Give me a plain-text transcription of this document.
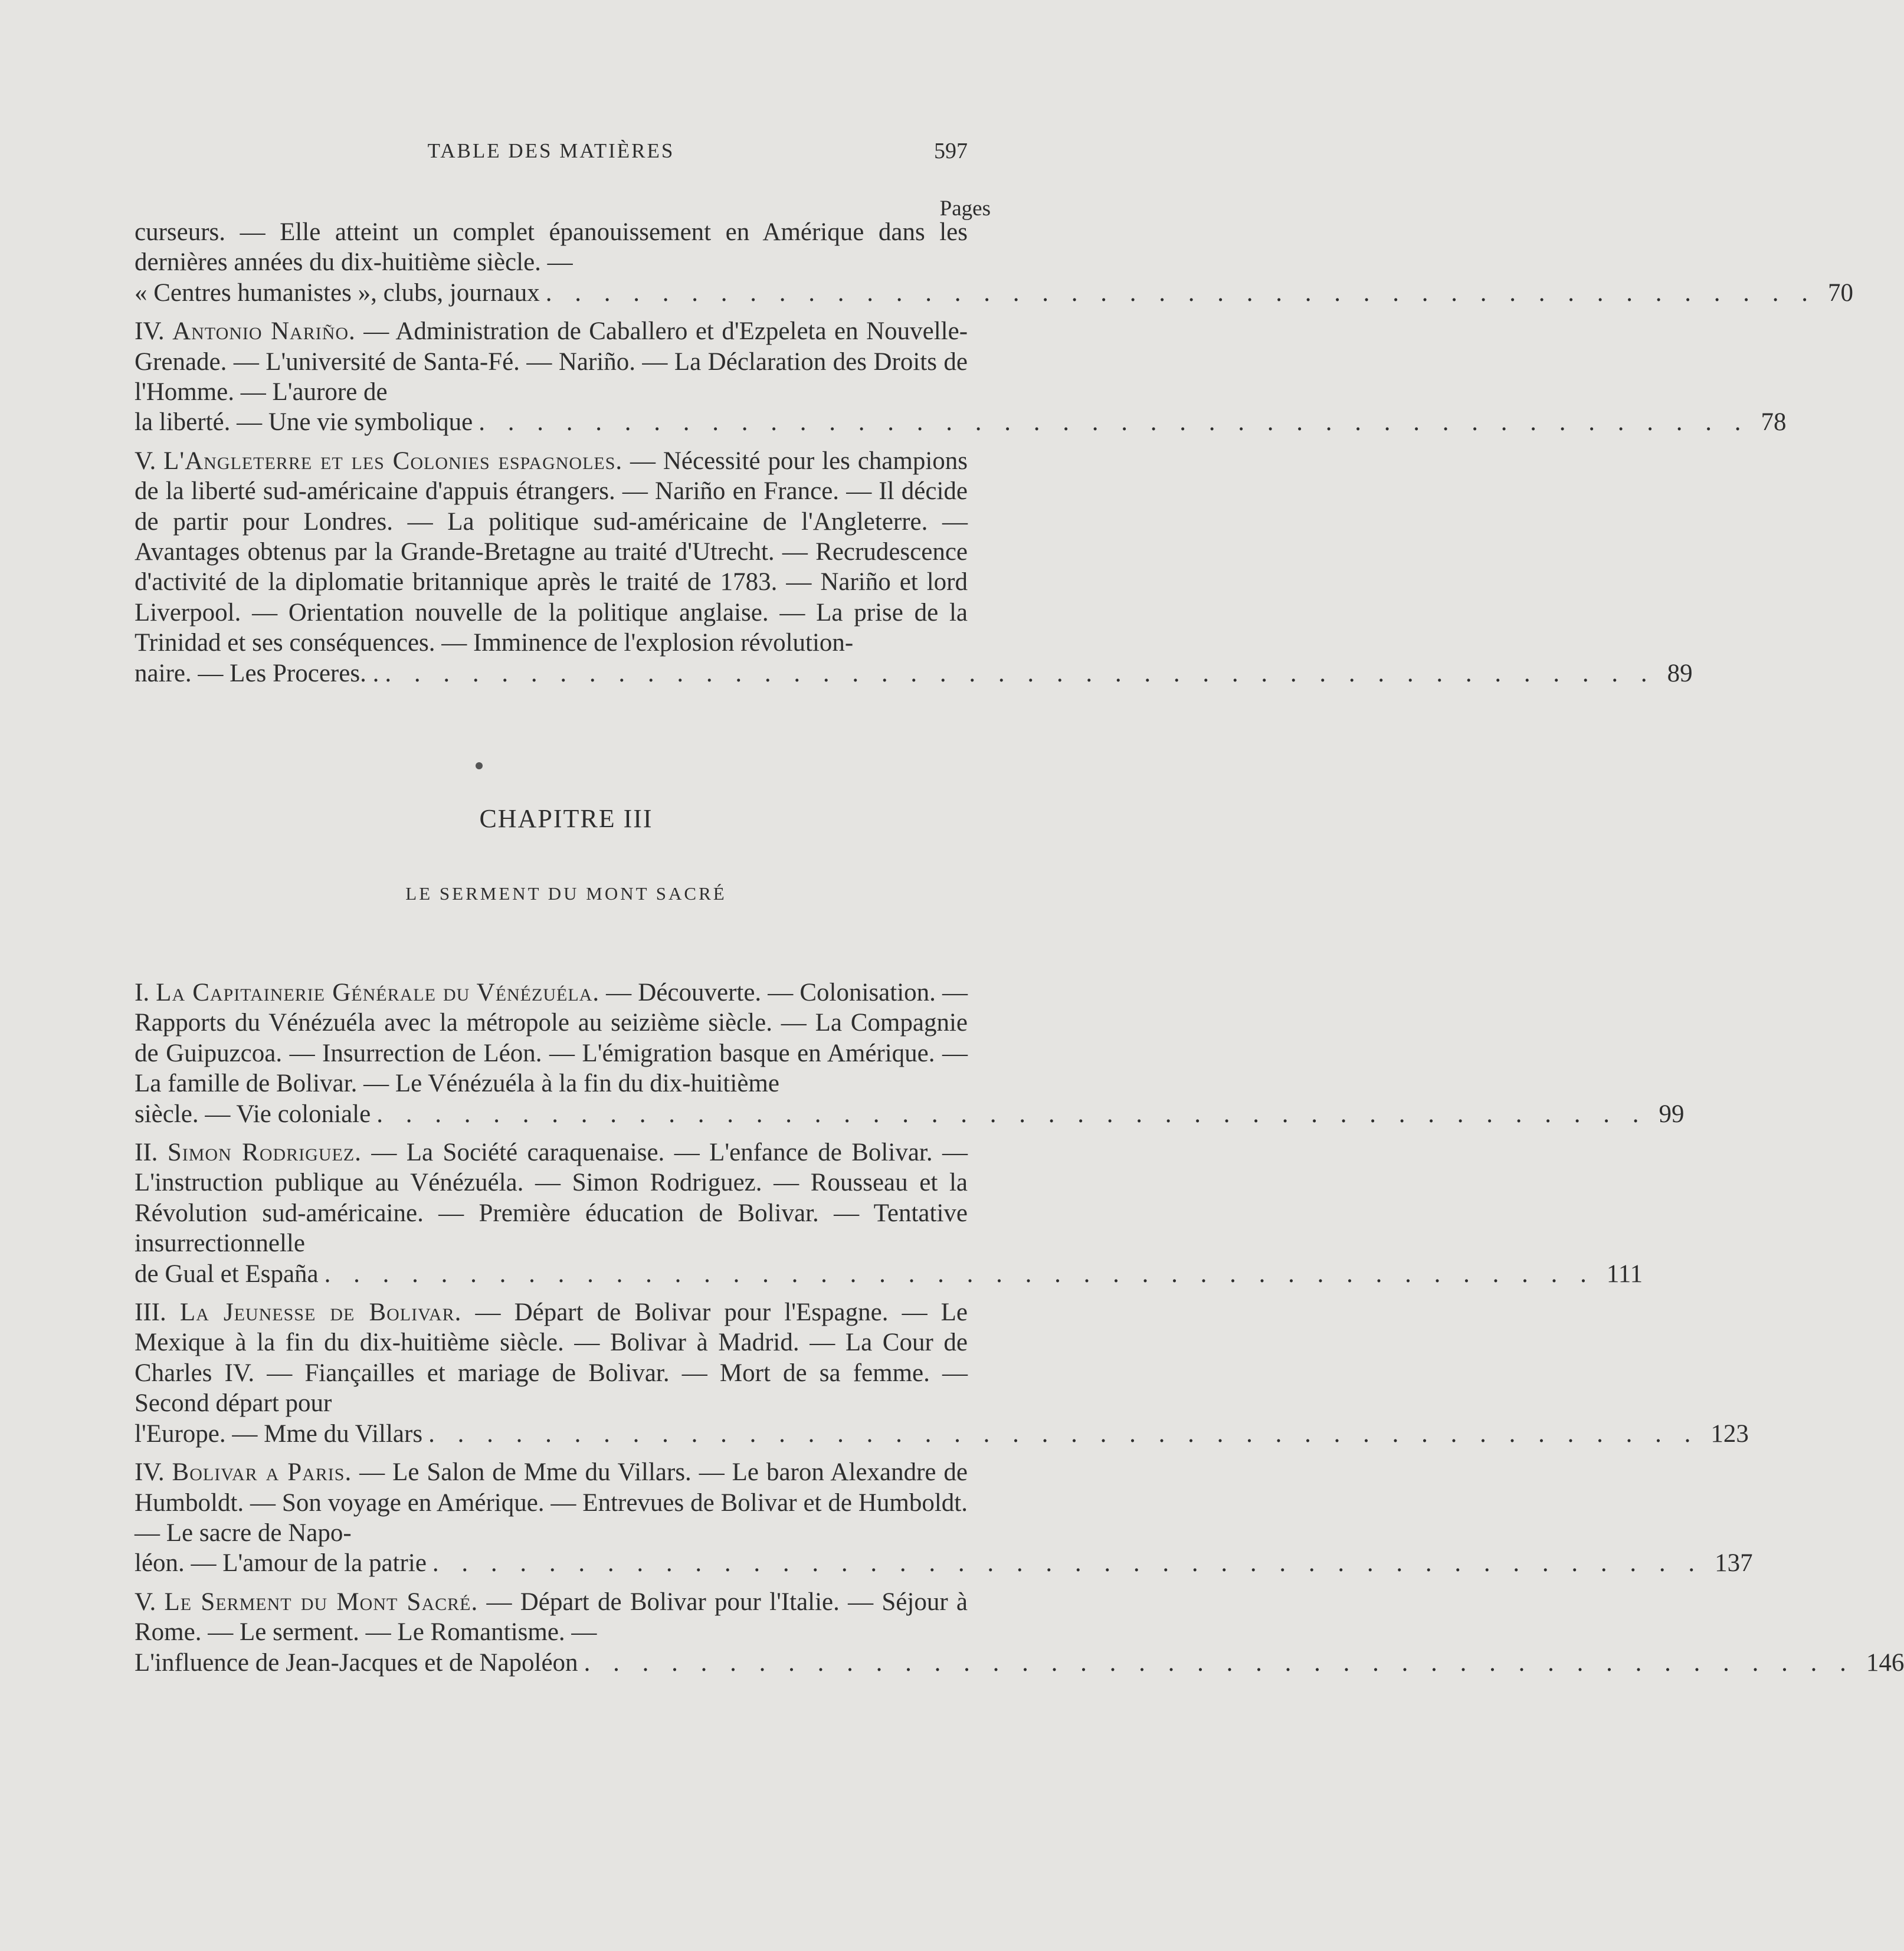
TABLE DES MATIÈRES	597
Pages
curseurs. — Elle atteint un complet épanouissement en Amérique dans les dernières années du dix-huitième siècle. —
« Centres humanistes », clubs, journaux . . . . . . . . . . . . . . . . . . . . . . . . . . . . . . . . . . . . . . . . . . . . 70
IV. Antonio Nariño. — Administration de Caballero et d'Ezpeleta en Nouvelle-Grenade. — L'université de Santa-Fé. — Nariño. — La Déclaration des Droits de l'Homme. — L'aurore de
la liberté. — Une vie symbolique . . . . . . . . . . . . . . . . . . . . . . . . . . . . . . . . . . . . . . . . . . . . 78
V. L'Angleterre et les Colonies espagnoles. — Nécessité pour les champions de la liberté sud-américaine d'appuis étrangers. — Nariño en France. — Il décide de partir pour Londres. — La politique sud-américaine de l'Angleterre. — Avantages obtenus par la Grande-Bretagne au traité d'Utrecht. — Recrudescence d'activité de la diplomatie britannique après le traité de 1783. — Nariño et lord Liverpool. — Orientation nouvelle de la politique anglaise. — La prise de la Trinidad et ses conséquences. — Imminence de l'explosion révolution-
naire. — Les Proceres. . . . . . . . . . . . . . . . . . . . . . . . . . . . . . . . . . . . . . . . . . . . . . 89
CHAPITRE III
LE SERMENT DU MONT SACRÉ
I. La Capitainerie Générale du Vénézuéla. — Découverte. — Colonisation. — Rapports du Vénézuéla avec la métropole au seizième siècle. — La Compagnie de Guipuzcoa. — Insurrection de Léon. — L'émigration basque en Amérique. — La famille de Bolivar. — Le Vénézuéla à la fin du dix-huitième
siècle. — Vie coloniale . . . . . . . . . . . . . . . . . . . . . . . . . . . . . . . . . . . . . . . . . . . . 99
II. Simon Rodriguez. — La Société caraquenaise. — L'enfance de Bolivar. — L'instruction publique au Vénézuéla. — Simon Rodriguez. — Rousseau et la Révolution sud-américaine. — Première éducation de Bolivar. — Tentative insurrectionnelle
de Gual et España . . . . . . . . . . . . . . . . . . . . . . . . . . . . . . . . . . . . . . . . . . . . 111
III. La Jeunesse de Bolivar. — Départ de Bolivar pour l'Espagne. — Le Mexique à la fin du dix-huitième siècle. — Bolivar à Madrid. — La Cour de Charles IV. — Fiançailles et mariage de Bolivar. — Mort de sa femme. — Second départ pour
l'Europe. — Mme du Villars . . . . . . . . . . . . . . . . . . . . . . . . . . . . . . . . . . . . . . . . . . . . 123
IV. Bolivar a Paris. — Le Salon de Mme du Villars. — Le baron Alexandre de Humboldt. — Son voyage en Amérique. — Entrevues de Bolivar et de Humboldt. — Le sacre de Napo-
léon. — L'amour de la patrie . . . . . . . . . . . . . . . . . . . . . . . . . . . . . . . . . . . . . . . . . . . . 137
V. Le Serment du Mont Sacré. — Départ de Bolivar pour l'Italie. — Séjour à Rome. — Le serment. — Le Romantisme. —
L'influence de Jean-Jacques et de Napoléon . . . . . . . . . . . . . . . . . . . . . . . . . . . . . . . . . . . . . . . . . . . . 146
